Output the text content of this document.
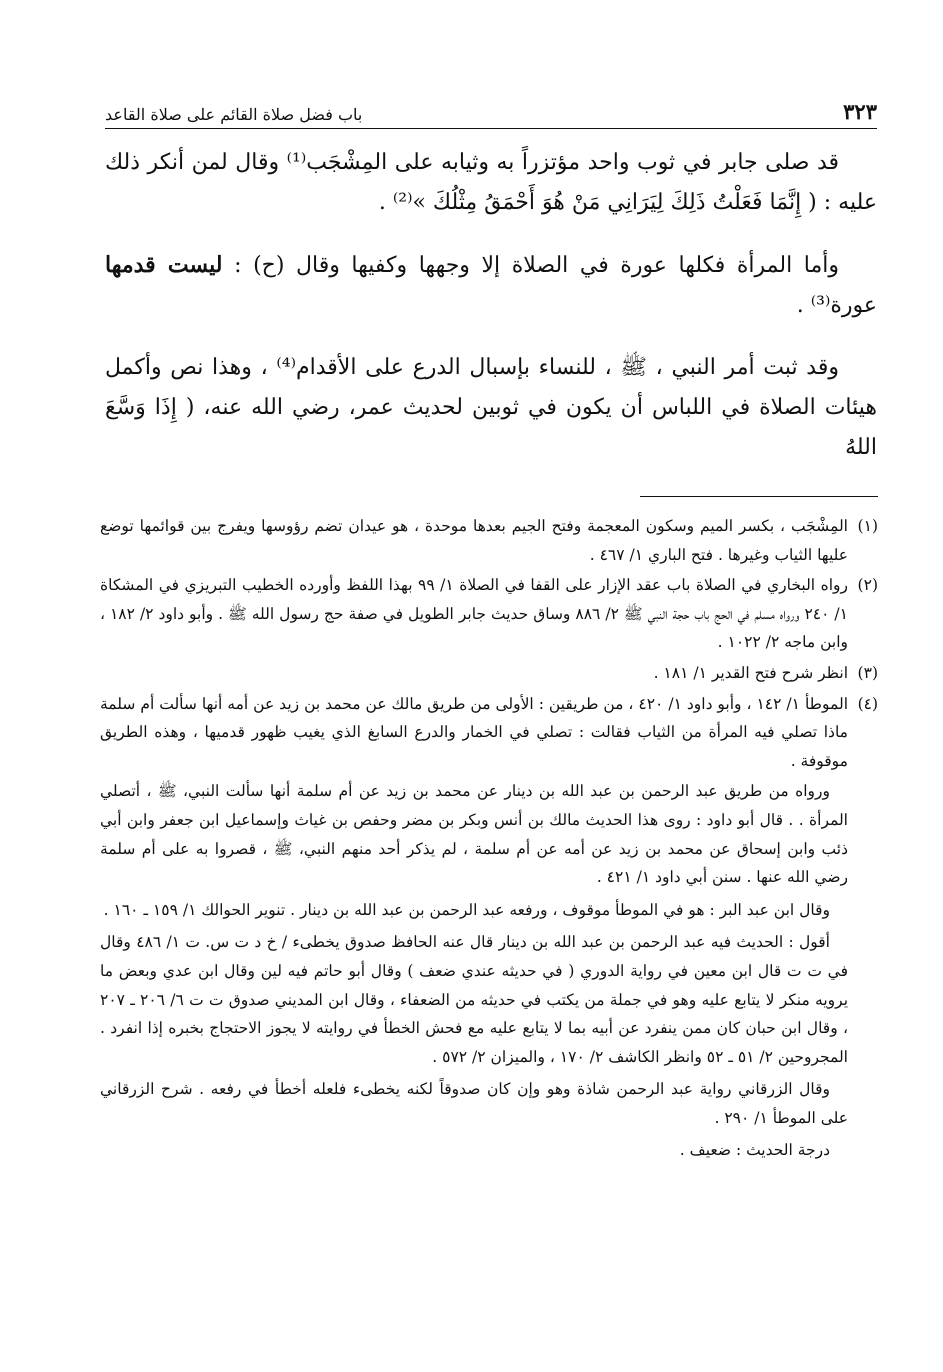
٣٢٣
باب فضل صلاة القائم على صلاة القاعد

قد صلى جابر في ثوب واحد مؤتزراً به وثيابه على المِشْجَب⁽¹⁾ وقال لمن أنكر ذلك عليه : ( إِنَّمَا فَعَلْتُ ذَلِكَ لِيَرَانِي مَنْ هُوَ أَحْمَقُ مِثْلُكَ »⁽²⁾ .

وأما المرأة فكلها عورة في الصلاة إلا وجهها وكفيها وقال (ح) : ليست قدمها عورة⁽³⁾ .

وقد ثبت أمر النبي ، ﷺ ، للنساء بإسبال الدرع على الأقدام⁽⁴⁾ ، وهذا نص وأكمل هيئات الصلاة في اللباس أن يكون في ثوبين لحديث عمر، رضي الله عنه، ( إِذَا وَسَّعَ اللهُ

(١)المِشْجَب ، بكسر الميم وسكون المعجمة وفتح الجيم بعدها موحدة ، هو عيدان تضم رؤوسها ويفرج بين قوائمها توضع عليها الثياب وغيرها . فتح الباري ١/ ٤٦٧ .
(٢)رواه البخاري في الصلاة باب عقد الإزار على القفا في الصلاة ١/ ٩٩ بهذا اللفظ وأورده الخطيب التبريزي في المشكاة ١/ ٢٤٠ ورواه مسلم في الحج باب حجة النبي ﷺ ٢/ ٨٨٦ وساق حديث جابر الطويل في صفة حج رسول الله ﷺ . وأبو داود ٢/ ١٨٢ ، وابن ماجه ٢/ ١٠٢٢ .
(٣)انظر شرح فتح القدير ١/ ١٨١ .
(٤)الموطأ ١/ ١٤٢ ، وأبو داود ١/ ٤٢٠ ، من طريقين : الأولى من طريق مالك عن محمد بن زيد عن أمه أنها سألت أم سلمة ماذا تصلي فيه المرأة من الثياب فقالت : تصلي في الخمار والدرع السابغ الذي يغيب ظهور قدميها ، وهذه الطريق موقوفة .
ورواه من طريق عبد الرحمن بن عبد الله بن دينار عن محمد بن زيد عن أم سلمة أنها سألت النبي، ﷺ ، أتصلي المرأة . . قال أبو داود : روى هذا الحديث مالك بن أنس وبكر بن مضر وحفص بن غياث وإسماعيل ابن جعفر وابن أبي ذئب وابن إسحاق عن محمد بن زيد عن أمه عن أم سلمة ، لم يذكر أحد منهم النبي، ﷺ ، قصروا به على أم سلمة رضي الله عنها . سنن أبي داود ١/ ٤٢١ .
وقال ابن عبد البر : هو في الموطأ موقوف ، ورفعه عبد الرحمن بن عبد الله بن دينار . تنوير الحوالك ١/ ١٥٩ ـ ١٦٠ .
أقول : الحديث فيه عبد الرحمن بن عبد الله بن دينار قال عنه الحافظ صدوق يخطىء / خ د ت س. ت ١/ ٤٨٦ وقال في ت ت قال ابن معين في رواية الدوري ( في حديثه عندي ضعف ) وقال أبو حاتم فيه لين وقال ابن عدي وبعض ما يرويه منكر لا يتابع عليه وهو في جملة من يكتب في حديثه من الضعفاء ، وقال ابن المديني صدوق ت ت ٦/ ٢٠٦ ـ ٢٠٧ ، وقال ابن حبان كان ممن ينفرد عن أبيه بما لا يتابع عليه مع فحش الخطأ في روايته لا يجوز الاحتجاج بخبره إذا انفرد . المجروحين ٢/ ٥١ ـ ٥٢ وانظر الكاشف ٢/ ١٧٠ ، والميزان ٢/ ٥٧٢ .
وقال الزرقاني رواية عبد الرحمن شاذة وهو وإن كان صدوقاً لكنه يخطىء فلعله أخطأ في رفعه . شرح الزرقاني على الموطأ ١/ ٢٩٠ .
درجة الحديث : ضعيف .
